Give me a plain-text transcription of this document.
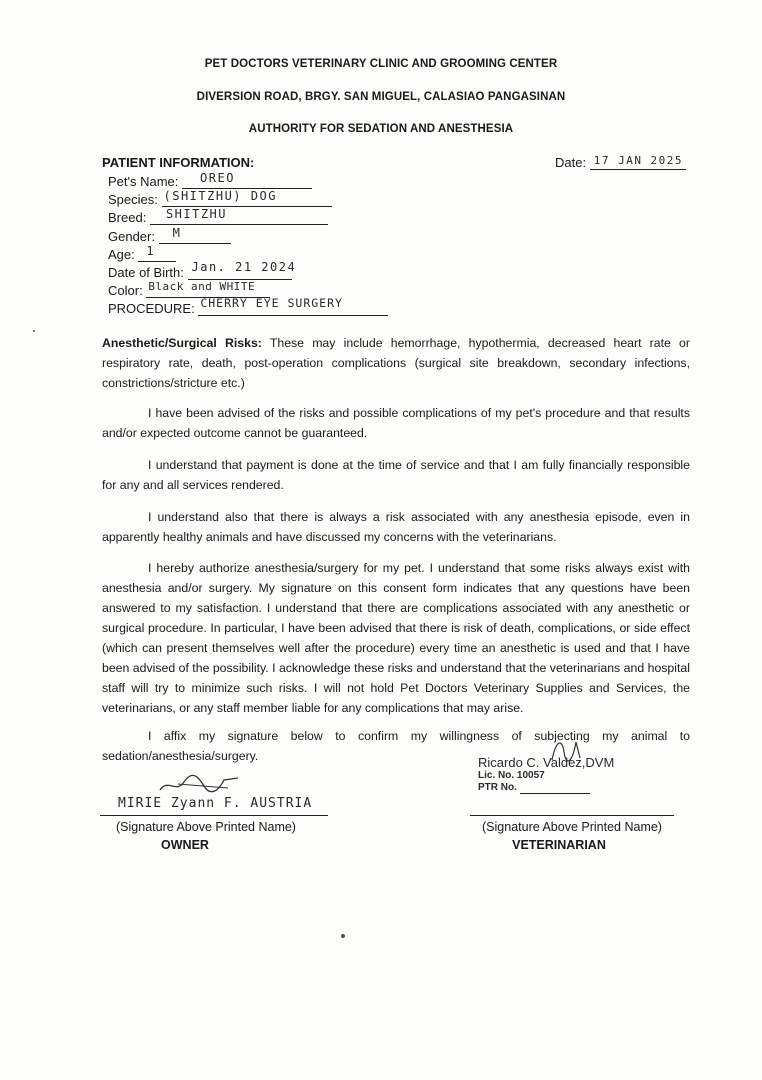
PET DOCTORS VETERINARY CLINIC AND GROOMING CENTER
DIVERSION ROAD, BRGY. SAN MIGUEL, CALASIAO PANGASINAN
AUTHORITY FOR SEDATION AND ANESTHESIA
PATIENT INFORMATION:	Date: 17 JAN 2025
Pet's Name: OREO
Species: (SHITZHU) DOG
Breed: SHITZHU
Gender: M
Age: 1
Date of Birth: Jan. 21 2024
Color: Black and WHITE
PROCEDURE: CHERRY EYE SURGERY
Anesthetic/Surgical Risks: These may include hemorrhage, hypothermia, decreased heart rate or respiratory rate, death, post-operation complications (surgical site breakdown, secondary infections, constrictions/stricture etc.)
I have been advised of the risks and possible complications of my pet's procedure and that results and/or expected outcome cannot be guaranteed.
I understand that payment is done at the time of service and that I am fully financially responsible for any and all services rendered.
I understand also that there is always a risk associated with any anesthesia episode, even in apparently healthy animals and have discussed my concerns with the veterinarians.
I hereby authorize anesthesia/surgery for my pet. I understand that some risks always exist with anesthesia and/or surgery. My signature on this consent form indicates that any questions have been answered to my satisfaction. I understand that there are complications associated with any anesthetic or surgical procedure. In particular, I have been advised that there is risk of death, complications, or side effect (which can present themselves well after the procedure) every time an anesthetic is used and that I have been advised of the possibility. I acknowledge these risks and understand that the veterinarians and hospital staff will try to minimize such risks. I will not hold Pet Doctors Veterinary Supplies and Services, the veterinarians, or any staff member liable for any complications that may arise.
I affix my signature below to confirm my willingness of subjecting my animal to sedation/anesthesia/surgery.
MIRIE Zyann F. AUSTRIA
(Signature Above Printed Name)
OWNER
Ricardo C. Valdez,DVM
Lic. No. 10057
PTR No.
(Signature Above Printed Name)
VETERINARIAN
